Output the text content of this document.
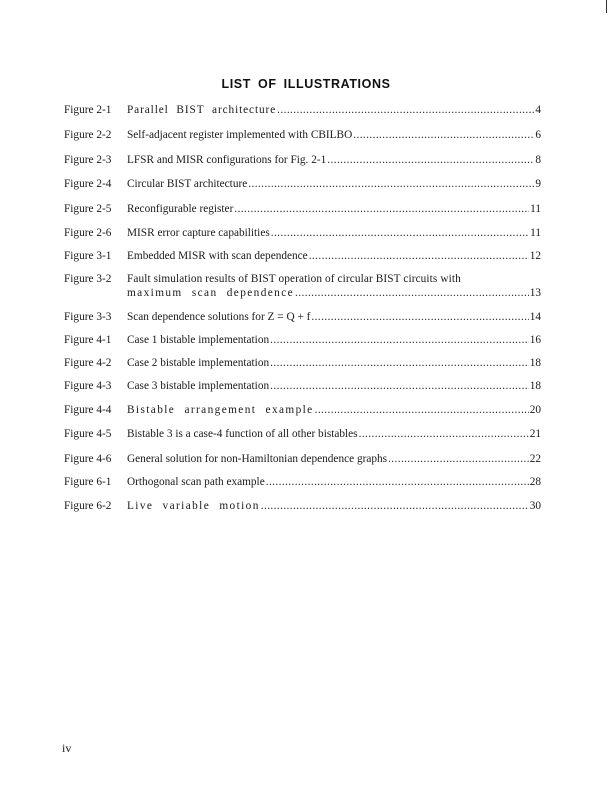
LIST OF ILLUSTRATIONS
Figure 2-1 Parallel BIST architecture .....	4
Figure 2-2 Self-adjacent register implemented with CBILBO .....	6
Figure 2-3 LFSR and MISR configurations for Fig. 2-1 .....	8
Figure 2-4 Circular BIST architecture .....	9
Figure 2-5 Reconfigurable register .....	11
Figure 2-6 MISR error capture capabilities .....	11
Figure 3-1 Embedded MISR with scan dependence .....	12
Figure 3-2 Fault simulation results of BIST operation of circular BIST circuits with
maximum scan dependence .....	13
Figure 3-3 Scan dependence solutions for Z = Q + f .....	14
Figure 4-1 Case 1 bistable implementation .....	16
Figure 4-2 Case 2 bistable implementation .....	18
Figure 4-3 Case 3 bistable implementation .....	18
Figure 4-4 Bistable arrangement example .....	20
Figure 4-5 Bistable 3 is a case-4 function of all other bistables .....	21
Figure 4-6 General solution for non-Hamiltonian dependence graphs .....	22
Figure 6-1 Orthogonal scan path example .....	28
Figure 6-2 Live variable motion .....	30
iv
